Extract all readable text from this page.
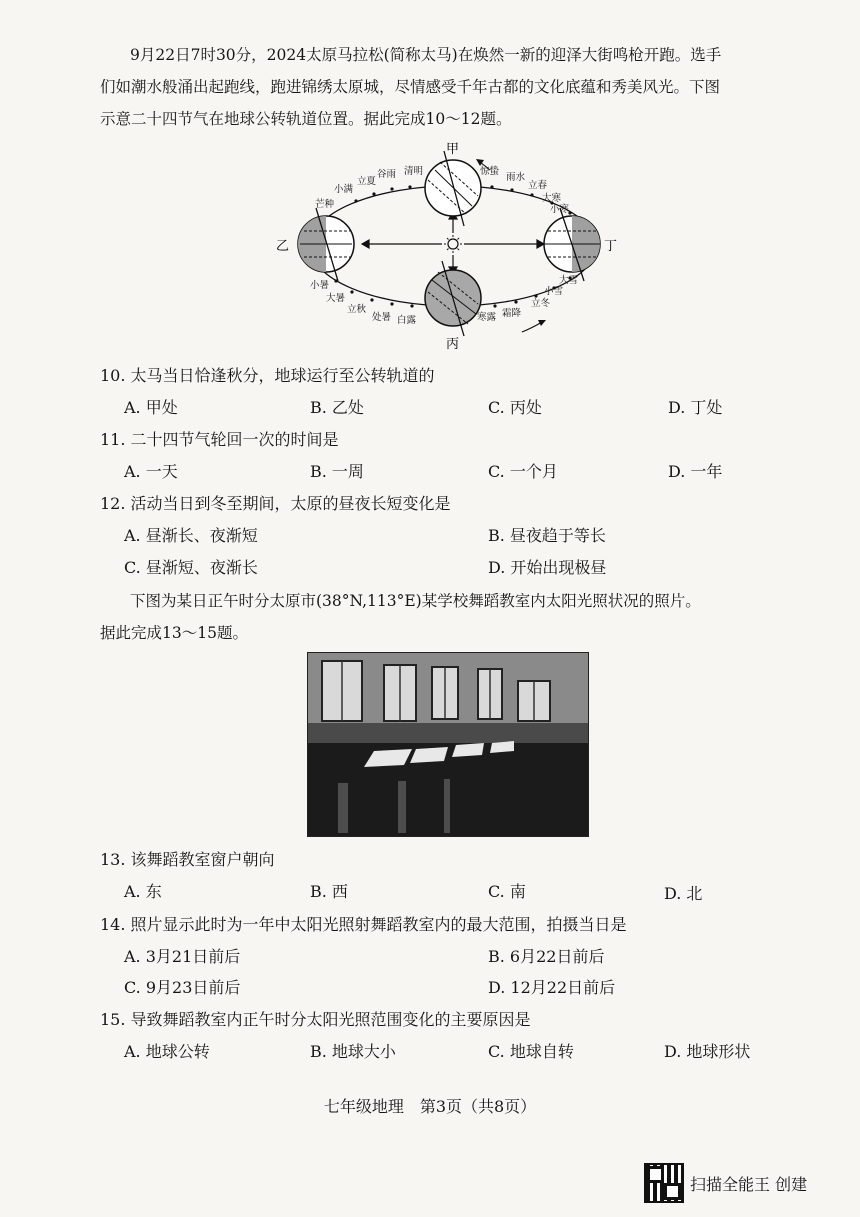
9月22日7时30分，2024太原马拉松(简称太马)在焕然一新的迎泽大街鸣枪开跑。选手

们如潮水般涌出起跑线，跑进锦绣太原城，尽情感受千年古都的文化底蕴和秀美风光。下图

示意二十四节气在地球公转轨道位置。据此完成10～12题。

甲
乙
丙
丁
芒种
小满
立夏
谷雨 清明	惊蛰
雨水
立春
大寒
小寒
小暑
大暑
立秋
处暑 白露	寒露 霜降
立冬
小雪
大雪
10. 太马当日恰逢秋分，地球运行至公转轨道的
A. 甲处	B. 乙处	C. 丙处	D. 丁处
11. 二十四节气轮回一次的时间是
A. 一天	B. 一周	C. 一个月	D. 一年
12. 活动当日到冬至期间，太原的昼夜长短变化是
A. 昼渐长、夜渐短	B. 昼夜趋于等长
C. 昼渐短、夜渐长	D. 开始出现极昼

下图为某日正午时分太原市(38°N,113°E)某学校舞蹈教室内太阳光照状况的照片。

据此完成13～15题。

13. 该舞蹈教室窗户朝向
A. 东	B. 西	C. 南	D. 北
14. 照片显示此时为一年中太阳光照射舞蹈教室内的最大范围，拍摄当日是
A. 3月21日前后	B. 6月22日前后
C. 9月23日前后	D. 12月22日前后
15. 导致舞蹈教室内正午时分太阳光照范围变化的主要原因是
A. 地球公转	B. 地球大小	C. 地球自转	D. 地球形状
七年级地理　第3页（共8页）
扫描全能王 创建
